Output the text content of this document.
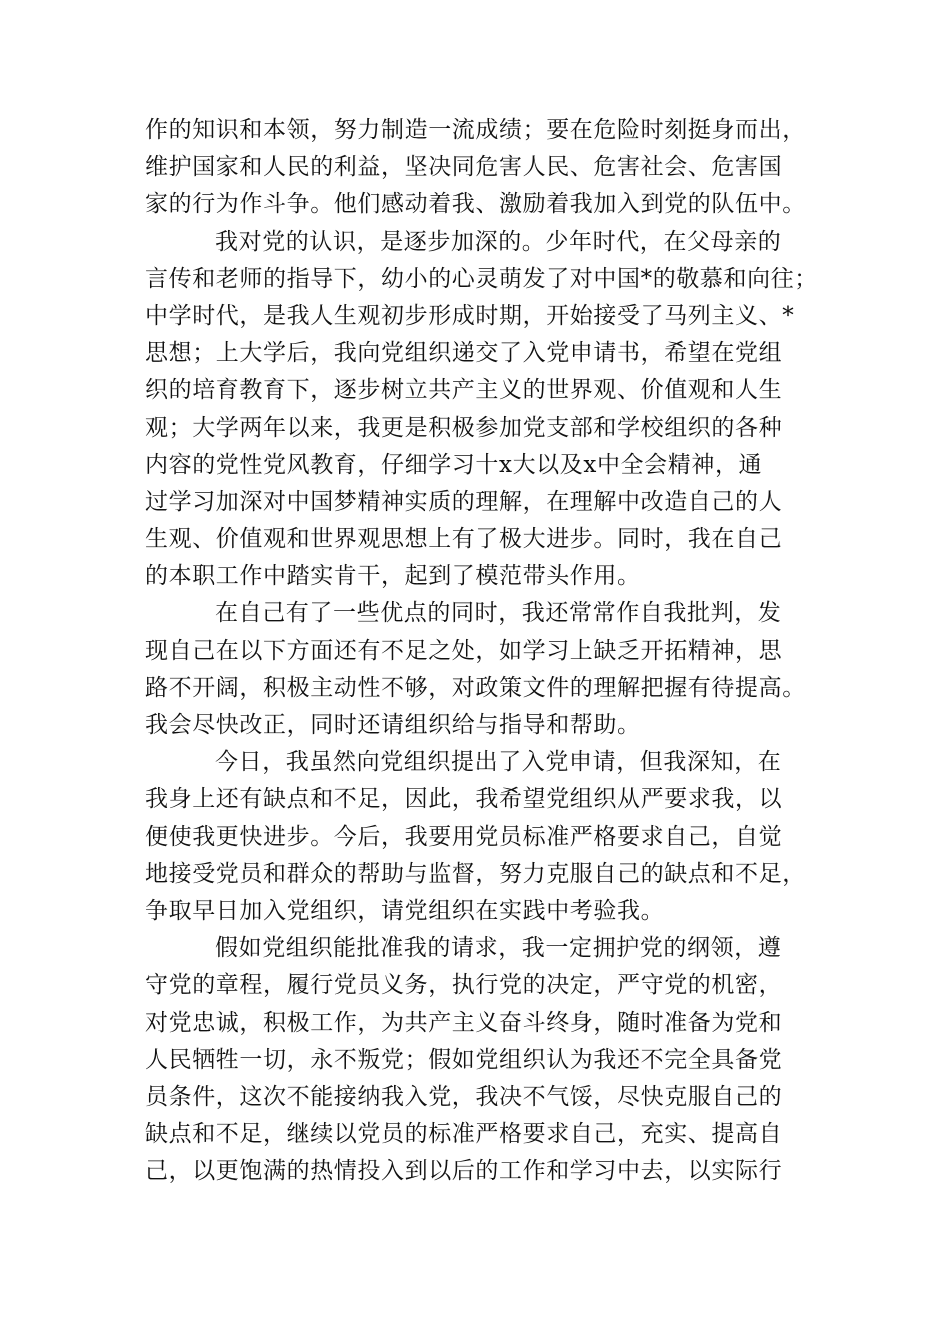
作的知识和本领，努力制造一流成绩；要在危险时刻挺身而出，
维护国家和人民的利益，坚决同危害人民、危害社会、危害国
家的行为作斗争。他们感动着我、激励着我加入到党的队伍中。
我对党的认识，是逐步加深的。少年时代，在父母亲的
言传和老师的指导下，幼小的心灵萌发了对中国*的敬慕和向往；
中学时代，是我人生观初步形成时期，开始接受了马列主义、*
思想；上大学后，我向党组织递交了入党申请书，希望在党组
织的培育教育下，逐步树立共产主义的世界观、价值观和人生
观；大学两年以来，我更是积极参加党支部和学校组织的各种
内容的党性党风教育，仔细学习十x大以及x中全会精神，通
过学习加深对中国梦精神实质的理解，在理解中改造自己的人
生观、价值观和世界观思想上有了极大进步。同时，我在自己
的本职工作中踏实肯干，起到了模范带头作用。
在自己有了一些优点的同时，我还常常作自我批判，发
现自己在以下方面还有不足之处，如学习上缺乏开拓精神，思
路不开阔，积极主动性不够，对政策文件的理解把握有待提高。
我会尽快改正，同时还请组织给与指导和帮助。
今日，我虽然向党组织提出了入党申请，但我深知，在
我身上还有缺点和不足，因此，我希望党组织从严要求我，以
便使我更快进步。今后，我要用党员标准严格要求自己，自觉
地接受党员和群众的帮助与监督，努力克服自己的缺点和不足，
争取早日加入党组织，请党组织在实践中考验我。
假如党组织能批准我的请求，我一定拥护党的纲领，遵
守党的章程，履行党员义务，执行党的决定，严守党的机密，
对党忠诚，积极工作，为共产主义奋斗终身，随时准备为党和
人民牺牲一切，永不叛党；假如党组织认为我还不完全具备党
员条件，这次不能接纳我入党，我决不气馁，尽快克服自己的
缺点和不足，继续以党员的标准严格要求自己，充实、提高自
己，以更饱满的热情投入到以后的工作和学习中去，以实际行
